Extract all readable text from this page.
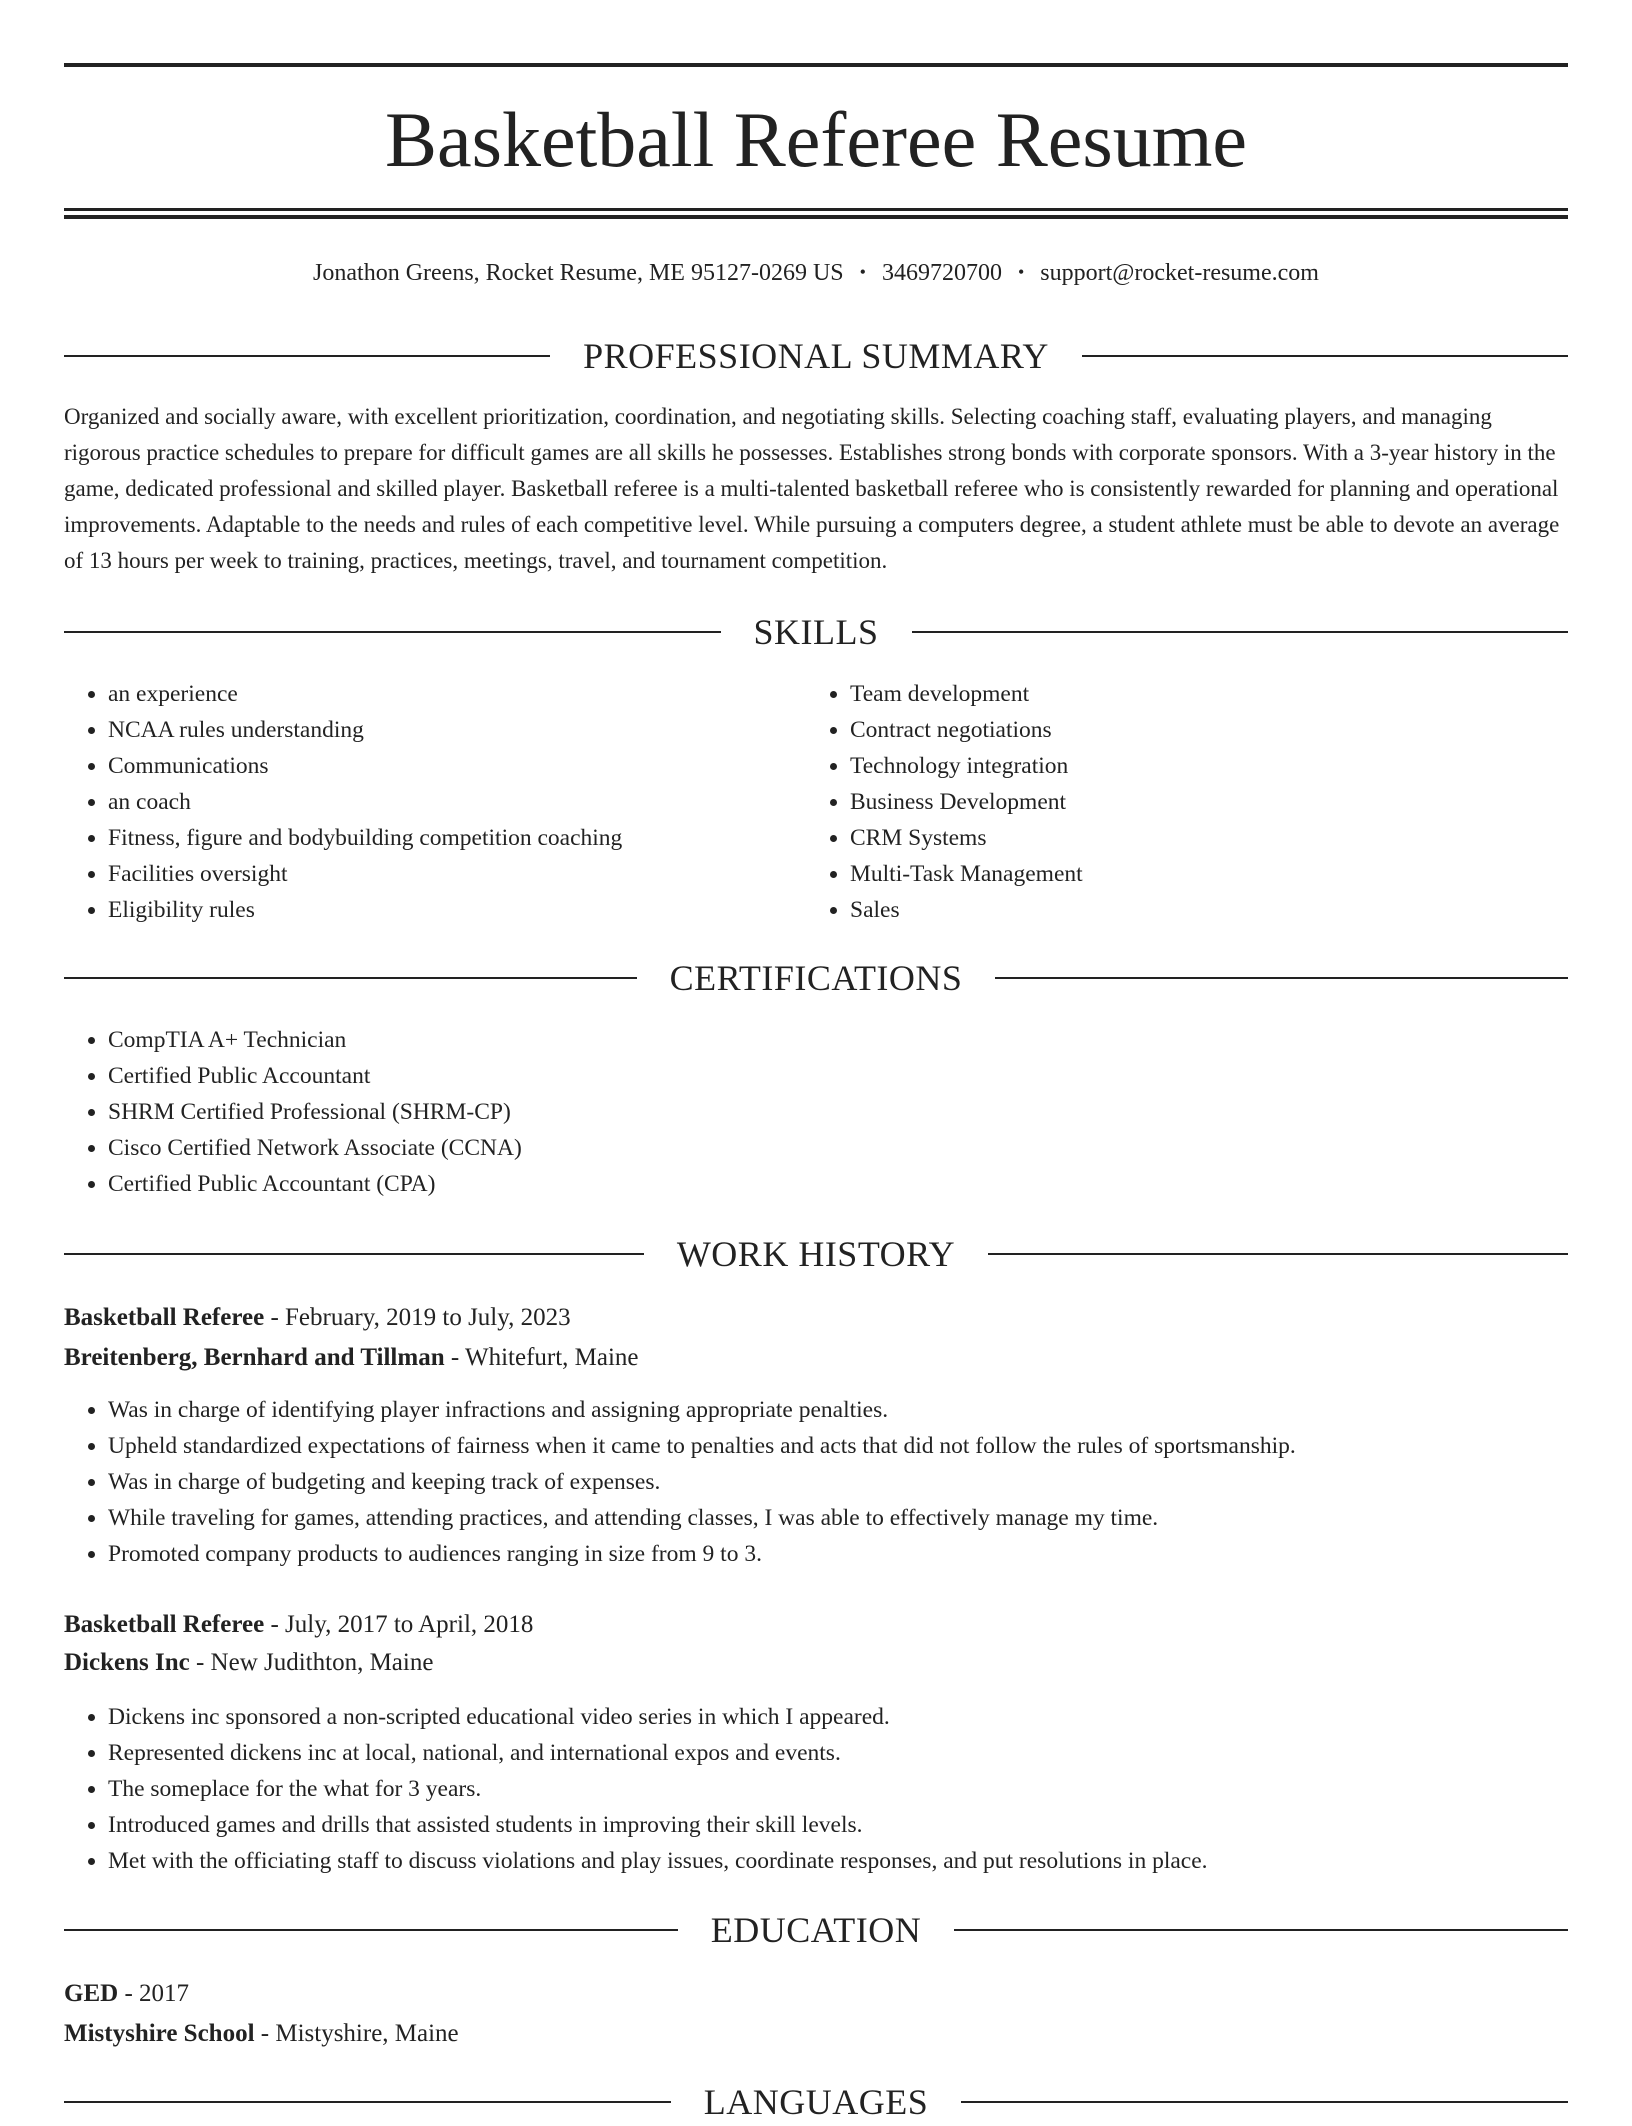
Basketball Referee Resume
Jonathon Greens, Rocket Resume, ME 95127-0269 US • 3469720700 • support@rocket-resume.com
PROFESSIONAL SUMMARY

Organized and socially aware, with excellent prioritization, coordination, and negotiating skills. Selecting coaching staff, evaluating players, and managing rigorous practice schedules to prepare for difficult games are all skills he possesses. Establishes strong bonds with corporate sponsors. With a 3-year history in the game, dedicated professional and skilled player. Basketball referee is a multi-talented basketball referee who is consistently rewarded for planning and operational improvements. Adaptable to the needs and rules of each competitive level. While pursuing a computers degree, a student athlete must be able to devote an average of 13 hours per week to training, practices, meetings, travel, and tournament competition.

SKILLS
• an experience
• NCAA rules understanding
• Communications
• an coach
• Fitness, figure and bodybuilding competition coaching
• Facilities oversight
• Eligibility rules
• Team development
• Contract negotiations
• Technology integration
• Business Development
• CRM Systems
• Multi-Task Management
• Sales
CERTIFICATIONS
• CompTIA A+ Technician
• Certified Public Accountant
• SHRM Certified Professional (SHRM-CP)
• Cisco Certified Network Associate (CCNA)
• Certified Public Accountant (CPA)
WORK HISTORY
Basketball Referee - February, 2019 to July, 2023
Breitenberg, Bernhard and Tillman - Whitefurt, Maine
• Was in charge of identifying player infractions and assigning appropriate penalties.
• Upheld standardized expectations of fairness when it came to penalties and acts that did not follow the rules of sportsmanship.
• Was in charge of budgeting and keeping track of expenses.
• While traveling for games, attending practices, and attending classes, I was able to effectively manage my time.
• Promoted company products to audiences ranging in size from 9 to 3.
Basketball Referee - July, 2017 to April, 2018
Dickens Inc - New Judithton, Maine
• Dickens inc sponsored a non-scripted educational video series in which I appeared.
• Represented dickens inc at local, national, and international expos and events.
• The someplace for the what for 3 years.
• Introduced games and drills that assisted students in improving their skill levels.
• Met with the officiating staff to discuss violations and play issues, coordinate responses, and put resolutions in place.
EDUCATION
GED - 2017
Mistyshire School - Mistyshire, Maine
LANGUAGES
